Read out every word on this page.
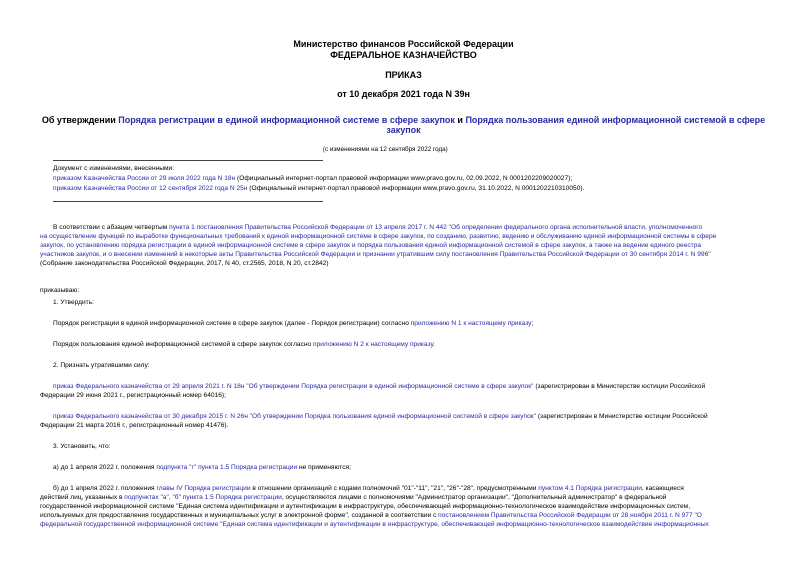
Министерство финансов Российской Федерации
ФЕДЕРАЛЬНОЕ КАЗНАЧЕЙСТВО
ПРИКАЗ
от 10 декабря 2021 года N 39н
Об утверждении Порядка регистрации в единой информационной системе в сфере закупок и Порядка пользования единой информационной системой в сфере
закупок
(с изменениями на 12 сентября 2022 года)
Документ с изменениями, внесенными:
приказом Казначейства России от 29 июля 2022 года N 18н (Официальный интернет-портал правовой информации www.pravo.gov.ru, 02.09.2022, N 0001202209020027);
приказом Казначейства России от 12 сентября 2022 года N 25н (Официальный интернет-портал правовой информации www.pravo.gov.ru, 31.10.2022, N 0001202210310050).
В соответствии с абзацем четвертым пункта 1 постановления Правительства Российской Федерации от 13 апреля 2017 г. N 442 "Об определении федерального органа исполнительной власти, уполномоченного
на осуществление функций по выработке функциональных требований к единой информационной системе в сфере закупок, по созданию, развитию, ведению и обслуживанию единой информационной системы в сфере
закупок, по установлению порядка регистрации в единой информационной системе в сфере закупок и порядка пользования единой информационной системой в сфере закупок, а также на ведение единого реестра
участников закупок, и о внесении изменений в некоторые акты Правительства Российской Федерации и признании утратившим силу постановления Правительства Российской Федерации от 30 сентября 2014 г. N 996"
(Собрание законодательства Российской Федерации, 2017, N 40, ст.2565, 2018, N 20, ст.2842)
приказываю:
1. Утвердить:
Порядок регистрации в единой информационной системе в сфере закупок (далее - Порядок регистрации) согласно приложению N 1 к настоящему приказу;
Порядок пользования единой информационной системой в сфере закупок согласно приложению N 2 к настоящему приказу.
2. Признать утратившими силу:
приказ Федерального казначейства от 29 апреля 2021 г. N 18н "Об утверждении Порядка регистрации в единой информационной системе в сфере закупок" (зарегистрирован в Министерстве юстиции Российской
Федерации 29 июня 2021 г., регистрационный номер 64016);
приказ Федерального казначейства от 30 декабря 2015 г. N 26н "Об утверждении Порядка пользования единой информационной системой в сфере закупок" (зарегистрирован в Министерстве юстиции Российской
Федерации 21 марта 2016 г., регистрационный номер 41476).
3. Установить, что:
а) до 1 апреля 2022 г. положения подпункта "г" пункта 1.5 Порядка регистрации не применяются;
б) до 1 апреля 2022 г. положения главы IV Порядка регистрации в отношении организаций с кодами полномочий "01"-"11", "21", "26"-"28", предусмотренными пунктом 4.1 Порядка регистрации, касающиеся
действий лиц, указанных в подпунктах "а", "б" пункта 1.5 Порядка регистрации, осуществляются лицами с полномочиями "Администратор организации", "Дополнительный администратор" в федеральной
государственной информационной системе "Единая система идентификации и аутентификации в инфраструктуре, обеспечивающей информационно-технологическое взаимодействие информационных систем,
используемых для предоставления государственных и муниципальных услуг в электронной форме", созданной в соответствии с постановлением Правительства Российской Федерации от 28 ноября 2011 г. N 977 "О
федеральной государственной информационной системе "Единая система идентификации и аутентификации в инфраструктуре, обеспечивающей информационно-технологическое взаимодействие информационных
